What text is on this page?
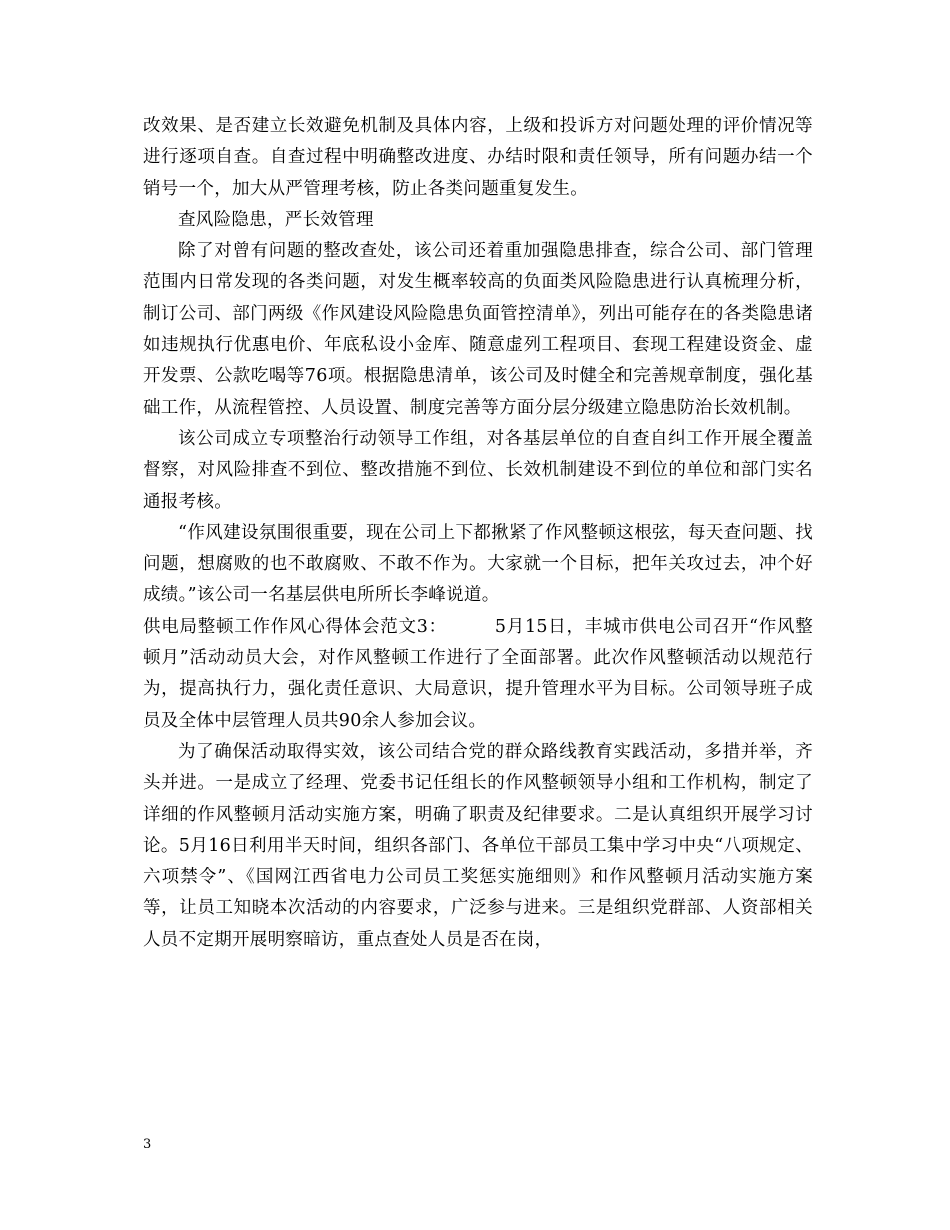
改效果、是否建立长效避免机制及具体内容，上级和投诉方对问题处理的评价情况等进行逐项自查。自查过程中明确整改进度、办结时限和责任领导，所有问题办结一个销号一个，加大从严管理考核，防止各类问题重复发生。

查风险隐患，严长效管理

除了对曾有问题的整改查处，该公司还着重加强隐患排查，综合公司、部门管理范围内日常发现的各类问题，对发生概率较高的负面类风险隐患进行认真梳理分析，制订公司、部门两级《作风建设风险隐患负面管控清单》，列出可能存在的各类隐患诸如违规执行优惠电价、年底私设小金库、随意虚列工程项目、套现工程建设资金、虚开发票、公款吃喝等76项。根据隐患清单，该公司及时健全和完善规章制度，强化基础工作，从流程管控、人员设置、制度完善等方面分层分级建立隐患防治长效机制。

该公司成立专项整治行动领导工作组，对各基层单位的自查自纠工作开展全覆盖督察，对风险排查不到位、整改措施不到位、长效机制建设不到位的单位和部门实名通报考核。

“作风建设氛围很重要，现在公司上下都揪紧了作风整顿这根弦，每天查问题、找问题，想腐败的也不敢腐败、不敢不作为。大家就一个目标，把年关攻过去，冲个好成绩。”该公司一名基层供电所所长李峰说道。

供电局整顿工作作风心得体会范文3：	5月15日，丰城市供电公司召开“作风整顿月”活动动员大会，对作风整顿工作进行了全面部署。此次作风整顿活动以规范行为，提高执行力，强化责任意识、大局意识，提升管理水平为目标。公司领导班子成员及全体中层管理人员共90余人参加会议。

为了确保活动取得实效，该公司结合党的群众路线教育实践活动，多措并举，齐头并进。一是成立了经理、党委书记任组长的作风整顿领导小组和工作机构，制定了详细的作风整顿月活动实施方案，明确了职责及纪律要求。二是认真组织开展学习讨论。5月16日利用半天时间，组织各部门、各单位干部员工集中学习中央“八项规定、六项禁令”、《国网江西省电力公司员工奖惩实施细则》和作风整顿月活动实施方案等，让员工知晓本次活动的内容要求，广泛参与进来。三是组织党群部、人资部相关人员不定期开展明察暗访，重点查处人员是否在岗，

3
